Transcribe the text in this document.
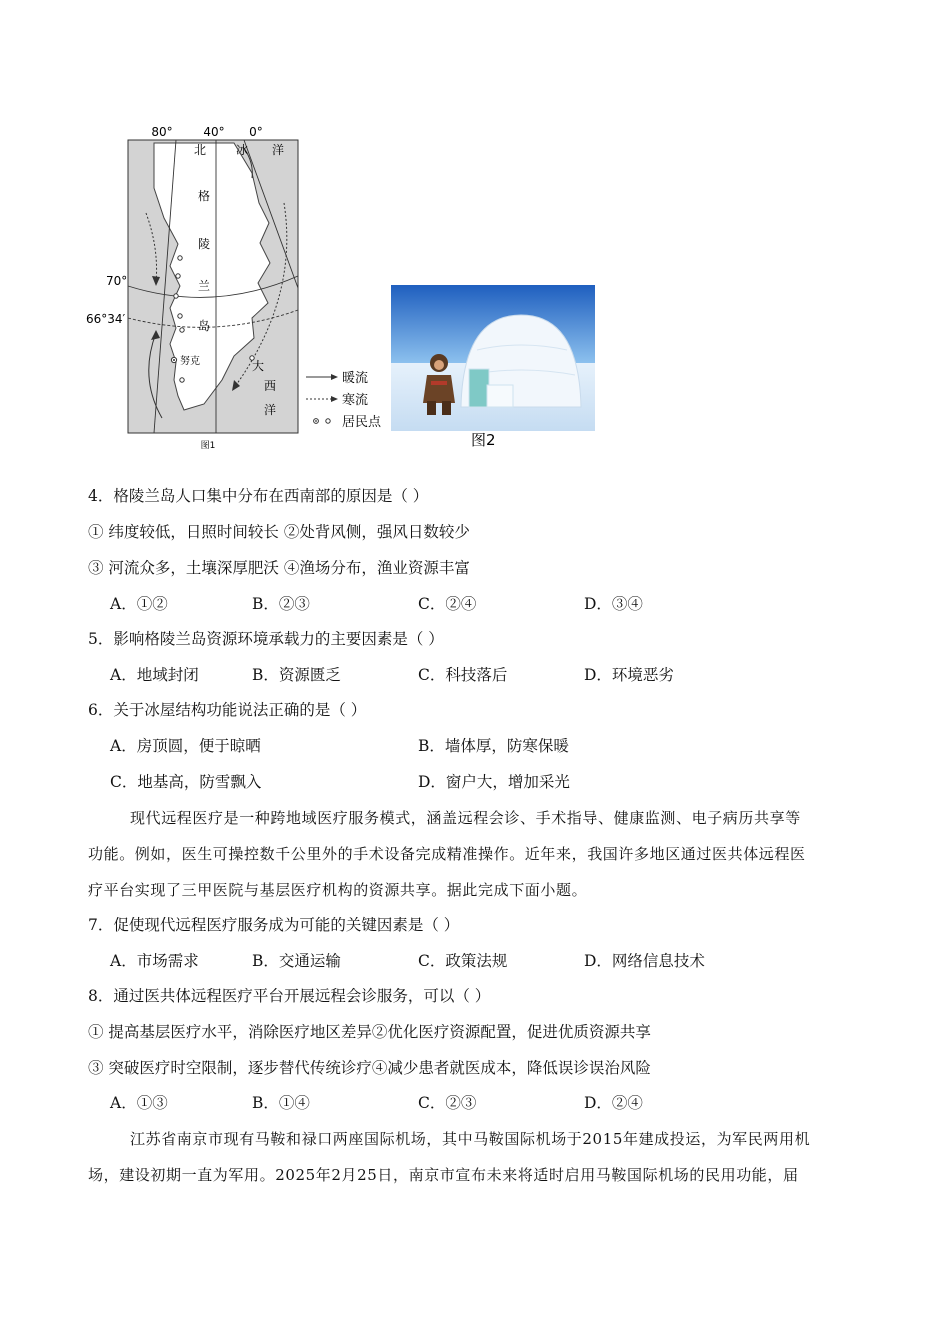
80°	40° 0°
70°
66°34′
北 冰 洋
格
陵
兰
岛
大
西
洋
努克
图1
暖流
寒流
居民点
图2
4．格陵兰岛人口集中分布在西南部的原因是（ ）
① 纬度较低，日照时间较长 ②处背风侧，强风日数较少
③ 河流众多，土壤深厚肥沃 ④渔场分布，渔业资源丰富
A．①②	B．②③	C．②④	D．③④
5．影响格陵兰岛资源环境承载力的主要因素是（ ）
A．地域封闭	B．资源匮乏	C．科技落后	D．环境恶劣
6．关于冰屋结构功能说法正确的是（ ）
A．房顶圆，便于晾晒	B．墙体厚，防寒保暖
C．地基高，防雪飘入	D．窗户大，增加采光
现代远程医疗是一种跨地域医疗服务模式，涵盖远程会诊、手术指导、健康监测、电子病历共享等
功能。例如，医生可操控数千公里外的手术设备完成精准操作。近年来，我国许多地区通过医共体远程医
疗平台实现了三甲医院与基层医疗机构的资源共享。据此完成下面小题。
7．促使现代远程医疗服务成为可能的关键因素是（ ）
A．市场需求	B．交通运输	C．政策法规	D．网络信息技术
8．通过医共体远程医疗平台开展远程会诊服务，可以（ ）
① 提高基层医疗水平，消除医疗地区差异②优化医疗资源配置，促进优质资源共享
③ 突破医疗时空限制，逐步替代传统诊疗④减少患者就医成本，降低误诊误治风险
A．①③	B．①④	C．②③	D．②④
江苏省南京市现有马鞍和禄口两座国际机场，其中马鞍国际机场于2015年建成投运，为军民两用机
场，建设初期一直为军用。2025年2月25日，南京市宣布未来将适时启用马鞍国际机场的民用功能，届
